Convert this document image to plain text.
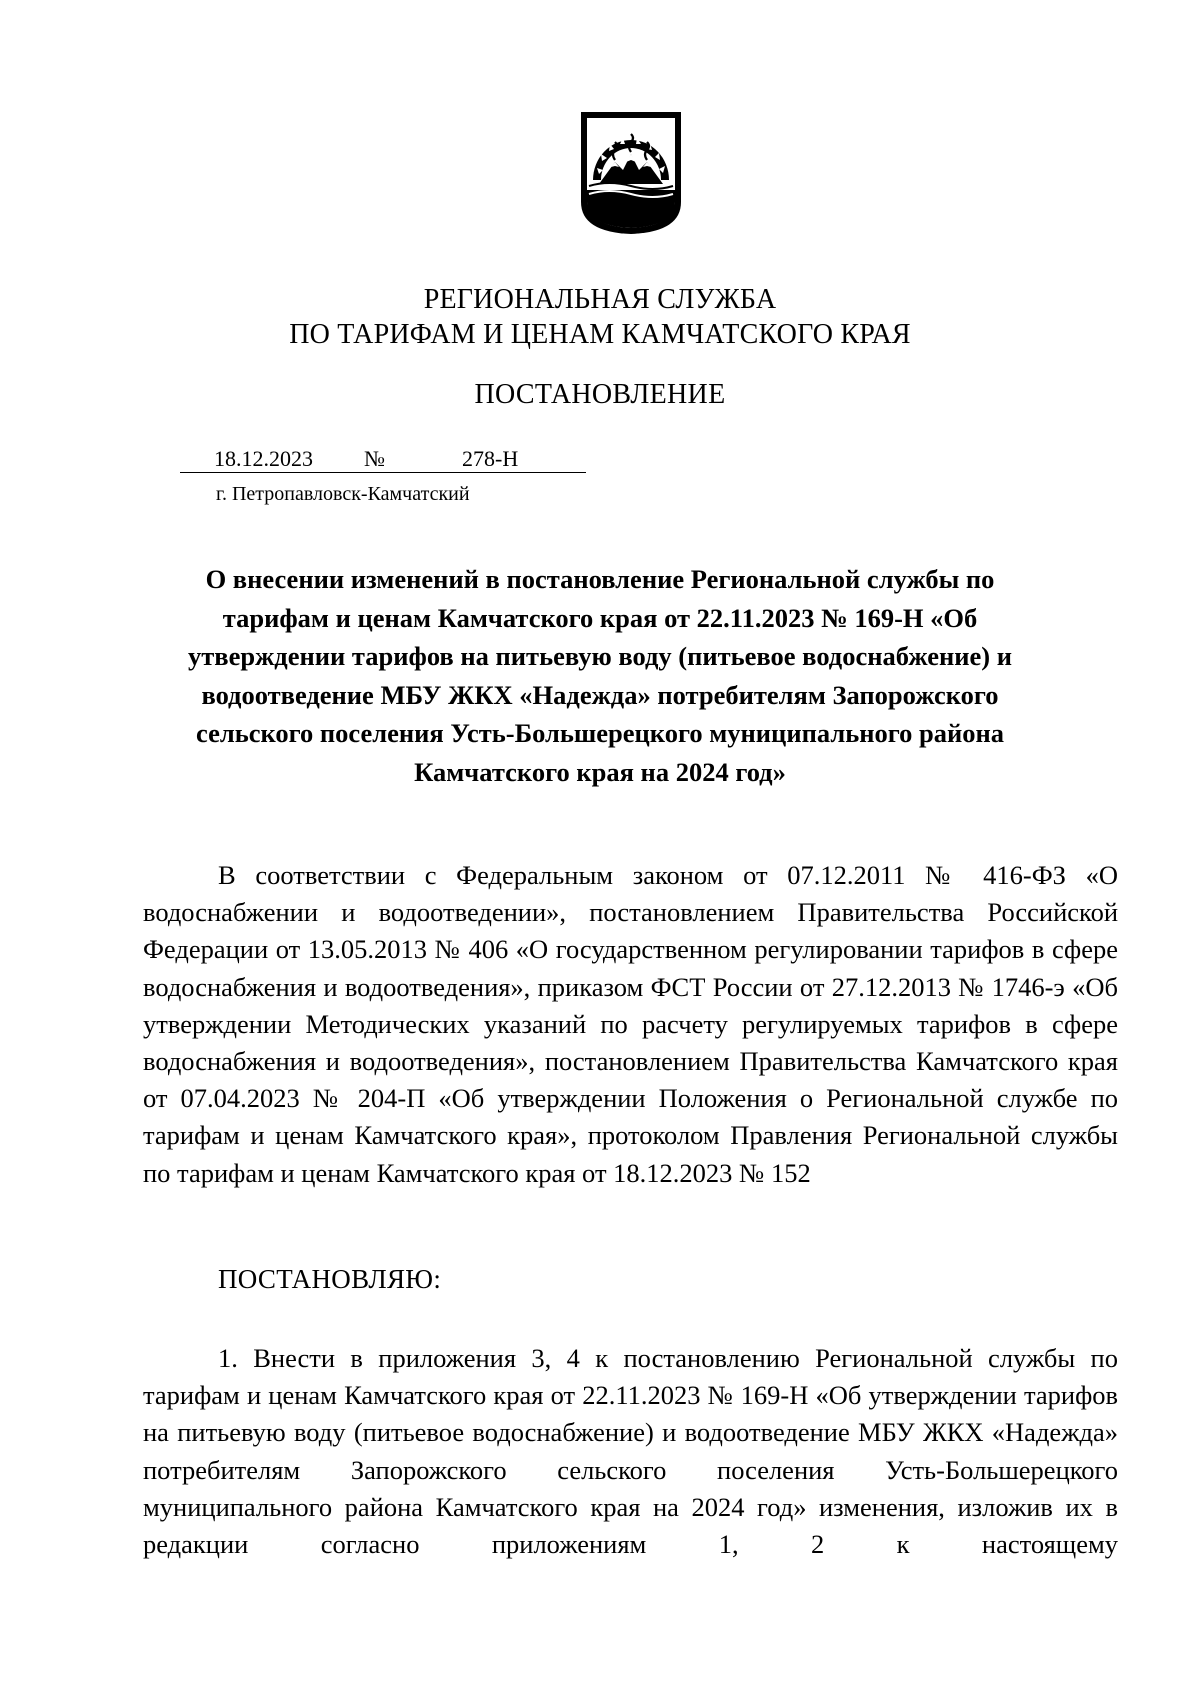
РЕГИОНАЛЬНАЯ СЛУЖБА
ПО ТАРИФАМ И ЦЕНАМ КАМЧАТСКОГО КРАЯ
ПОСТАНОВЛЕНИЕ
18.12.2023 №	278-Н
г. Петропавловск-Камчатский
О внесении изменений в постановление Региональной службы по тарифам и ценам Камчатского края от 22.11.2023 № 169-Н «Об утверждении тарифов на питьевую воду (питьевое водоснабжение) и водоотведение МБУ ЖКХ «Надежда» потребителям Запорожского сельского поселения Усть-Большерецкого муниципального района Камчатского края на 2024 год»
В соответствии с Федеральным законом от 07.12.2011 № 416-ФЗ «О водоснабжении и водоотведении», постановлением Правительства Российской Федерации от 13.05.2013 № 406 «О государственном регулировании тарифов в сфере водоснабжения и водоотведения», приказом ФСТ России от 27.12.2013 № 1746-э «Об утверждении Методических указаний по расчету регулируемых тарифов в сфере водоснабжения и водоотведения», постановлением Правительства Камчатского края от 07.04.2023 № 204-П «Об утверждении Положения о Региональной службе по тарифам и ценам Камчатского края», протоколом Правления Региональной службы по тарифам и ценам Камчатского края от 18.12.2023 № 152
ПОСТАНОВЛЯЮ:
1. Внести в приложения 3, 4 к постановлению Региональной службы по тарифам и ценам Камчатского края от 22.11.2023 № 169-Н «Об утверждении тарифов на питьевую воду (питьевое водоснабжение) и водоотведение МБУ ЖКХ «Надежда» потребителям Запорожского сельского поселения Усть-Большерецкого муниципального района Камчатского края на 2024 год» изменения, изложив их в редакции согласно приложениям 1, 2 к настоящему
